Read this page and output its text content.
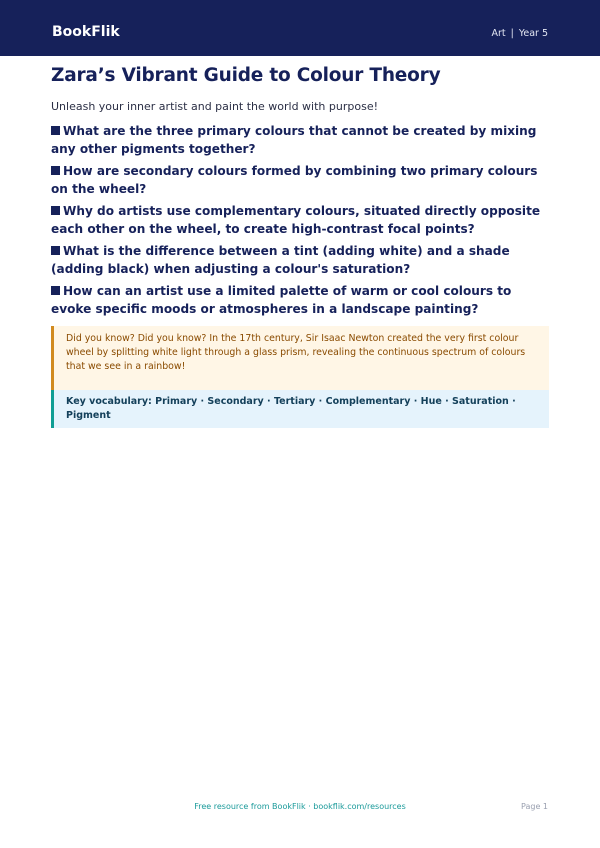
BookFlik	Art | Year 5
Zara’s Vibrant Guide to Colour Theory
Unleash your inner artist and paint the world with purpose!
What are the three primary colours that cannot be created by mixing any other pigments together?
How are secondary colours formed by combining two primary colours on the wheel?
Why do artists use complementary colours, situated directly opposite each other on the wheel, to create high-contrast focal points?
What is the difference between a tint (adding white) and a shade (adding black) when adjusting a colour's saturation?
How can an artist use a limited palette of warm or cool colours to evoke specific moods or atmospheres in a landscape painting?

Did you know? Did you know? In the 17th century, Sir Isaac Newton created the very first colour wheel by splitting white light through a glass prism, revealing the continuous spectrum of colours that we see in a rainbow!

Key vocabulary: Primary · Secondary · Tertiary · Complementary · Hue · Saturation · Pigment

Free resource from BookFlik · bookflik.com/resources	Page 1
